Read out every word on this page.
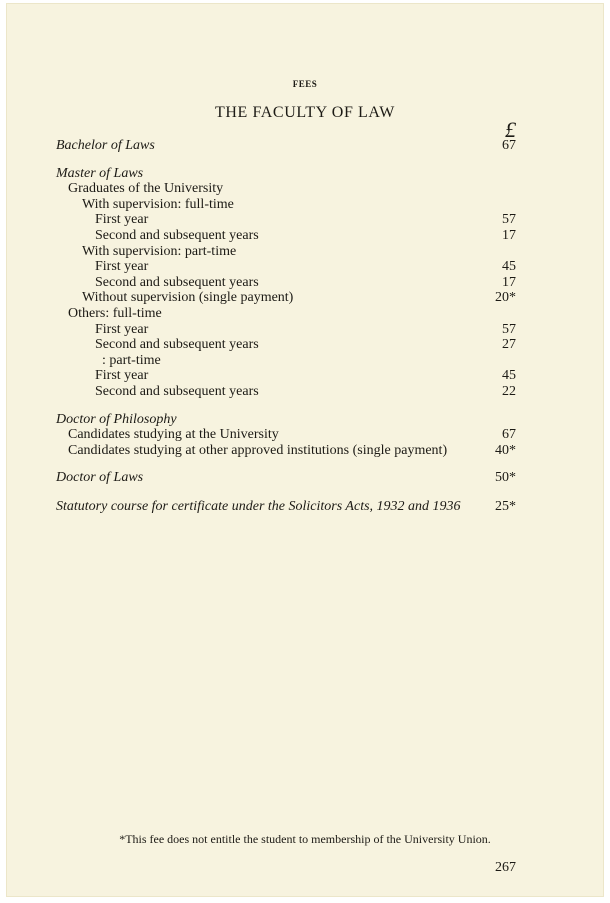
FEES
THE FACULTY OF LAW
£
Bachelor of Laws	67
Master of Laws
Graduates of the University
With supervision: full-time
First year	57
Second and subsequent years	17
With supervision: part-time
First year	45
Second and subsequent years	17
Without supervision (single payment)	20*
Others: full-time
First year	57
Second and subsequent years	27
: part-time
First year	45
Second and subsequent years	22
Doctor of Philosophy
Candidates studying at the University	67
Candidates studying at other approved institutions (single payment)	40*
Doctor of Laws	50*
Statutory course for certificate under the Solicitors Acts, 1932 and 1936 25*
*This fee does not entitle the student to membership of the University Union.
267
